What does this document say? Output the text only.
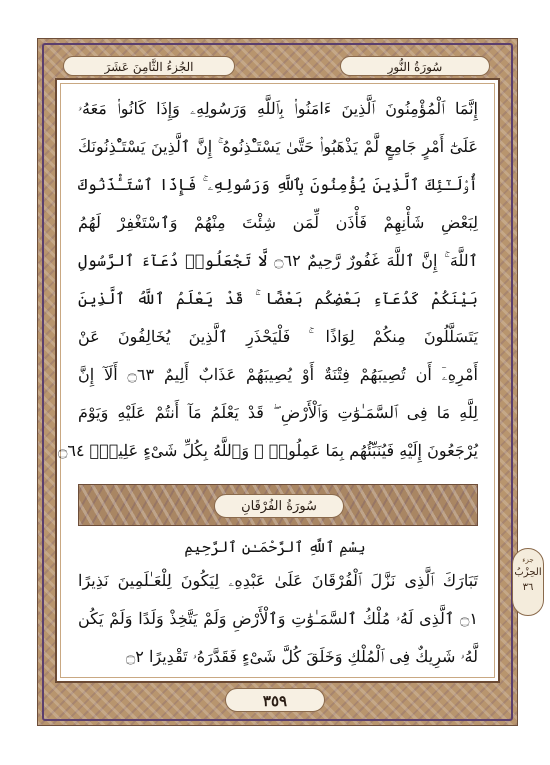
الجُزءُ الثَّامِنَ عَشَرَ	سُورَةُ النُّورِ
إِنَّمَا ٱلْمُؤْمِنُونَ ٱلَّذِينَ ءَامَنُوا۟ بِٱللَّهِ وَرَسُولِهِۦ وَإِذَا كَانُوا۟ مَعَهُۥ
عَلَىٰٓ أَمْرٍ جَامِعٍ لَّمْ يَذْهَبُوا۟ حَتَّىٰ يَسْتَـْٔذِنُوهُ ۚ إِنَّ ٱلَّذِينَ يَسْتَـْٔذِنُونَكَ
أُو۟لَـٰٓئِكَ ٱلَّذِينَ يُؤْمِنُونَ بِٱللَّهِ وَرَسُولِهِۦ ۚ فَإِذَا ٱسْتَـْٔذَنُوكَ
لِبَعْضِ شَأْنِهِمْ فَأْذَن لِّمَن شِئْتَ مِنْهُمْ وَٱسْتَغْفِرْ لَهُمُ
ٱللَّهَ ۚ إِنَّ ٱللَّهَ غَفُورٌ رَّحِيمٌ ۝٦٢ لَّا تَجْعَلُوا۟ دُعَآءَ ٱلرَّسُولِ
بَيْنَكُمْ كَدُعَآءِ بَعْضِكُم بَعْضًا ۚ قَدْ يَعْلَمُ ٱللَّهُ ٱلَّذِينَ
يَتَسَلَّلُونَ مِنكُمْ لِوَاذًا ۚ فَلْيَحْذَرِ ٱلَّذِينَ يُخَالِفُونَ عَنْ
أَمْرِهِۦٓ أَن تُصِيبَهُمْ فِتْنَةٌ أَوْ يُصِيبَهُمْ عَذَابٌ أَلِيمٌ ۝٦٣ أَلَآ إِنَّ
لِلَّهِ مَا فِى ٱلسَّمَـٰوَٰتِ وَٱلْأَرْضِ ۖ قَدْ يَعْلَمُ مَآ أَنتُمْ عَلَيْهِ وَيَوْمَ
يُرْجَعُونَ إِلَيْهِ فَيُنَبِّئُهُم بِمَا عَمِلُوا۟ ۗ وَٱللَّهُ بِكُلِّ شَىْءٍ عَلِيمٌۢ ۝٦٤
سُورَةُ الفُرْقَانِ
بِسْمِ ٱللَّهِ ٱلرَّحْمَـٰنِ ٱلرَّحِيمِ
تَبَارَكَ ٱلَّذِى نَزَّلَ ٱلْفُرْقَانَ عَلَىٰ عَبْدِهِۦ لِيَكُونَ لِلْعَـٰلَمِينَ نَذِيرًا
۝١ ٱلَّذِى لَهُۥ مُلْكُ ٱلسَّمَـٰوَٰتِ وَٱلْأَرْضِ وَلَمْ يَتَّخِذْ وَلَدًا وَلَمْ يَكُن
لَّهُۥ شَرِيكٌ فِى ٱلْمُلْكِ وَخَلَقَ كُلَّ شَىْءٍ فَقَدَّرَهُۥ تَقْدِيرًا ۝٢
جزء
الحِزْبُ
٣٦
٣٥٩
